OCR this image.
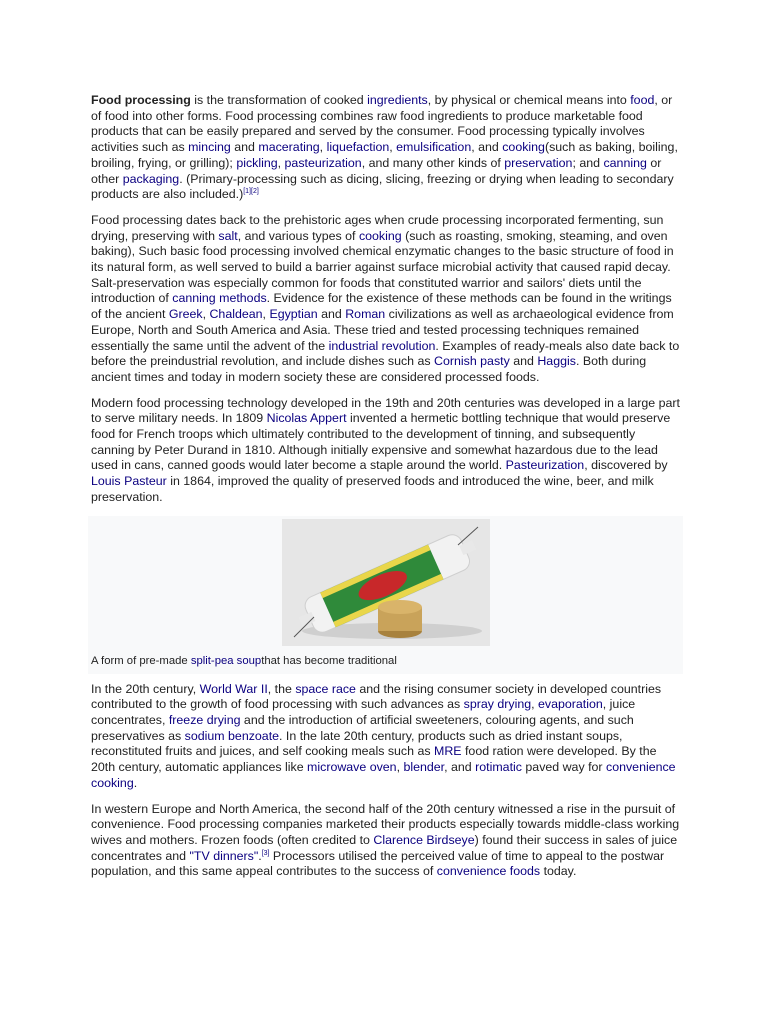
Food processing is the transformation of cooked ingredients, by physical or chemical means into food, or of food into other forms. Food processing combines raw food ingredients to produce marketable food products that can be easily prepared and served by the consumer. Food processing typically involves activities such as mincing and macerating, liquefaction, emulsification, and cooking(such as baking, boiling, broiling, frying, or grilling); pickling, pasteurization, and many other kinds of preservation; and canning or other packaging. (Primary-processing such as dicing, slicing, freezing or drying when leading to secondary products are also included.)[1][2]

Food processing dates back to the prehistoric ages when crude processing incorporated fermenting, sun drying, preserving with salt, and various types of cooking (such as roasting, smoking, steaming, and oven baking), Such basic food processing involved chemical enzymatic changes to the basic structure of food in its natural form, as well served to build a barrier against surface microbial activity that caused rapid decay. Salt-preservation was especially common for foods that constituted warrior and sailors' diets until the introduction of canning methods. Evidence for the existence of these methods can be found in the writings of the ancient Greek, Chaldean, Egyptian and Roman civilizations as well as archaeological evidence from Europe, North and South America and Asia. These tried and tested processing techniques remained essentially the same until the advent of the industrial revolution. Examples of ready-meals also date back to before the preindustrial revolution, and include dishes such as Cornish pasty and Haggis. Both during ancient times and today in modern society these are considered processed foods.

Modern food processing technology developed in the 19th and 20th centuries was developed in a large part to serve military needs. In 1809 Nicolas Appert invented a hermetic bottling technique that would preserve food for French troops which ultimately contributed to the development of tinning, and subsequently canning by Peter Durand in 1810. Although initially expensive and somewhat hazardous due to the lead used in cans, canned goods would later become a staple around the world. Pasteurization, discovered by Louis Pasteur in 1864, improved the quality of preserved foods and introduced the wine, beer, and milk preservation.

A form of pre-made split-pea soupthat has become traditional

In the 20th century, World War II, the space race and the rising consumer society in developed countries contributed to the growth of food processing with such advances as spray drying, evaporation, juice concentrates, freeze drying and the introduction of artificial sweeteners, colouring agents, and such preservatives as sodium benzoate. In the late 20th century, products such as dried instant soups, reconstituted fruits and juices, and self cooking meals such as MRE food ration were developed. By the 20th century, automatic appliances like microwave oven, blender, and rotimatic paved way for convenience cooking.

In western Europe and North America, the second half of the 20th century witnessed a rise in the pursuit of convenience. Food processing companies marketed their products especially towards middle-class working wives and mothers. Frozen foods (often credited to Clarence Birdseye) found their success in sales of juice concentrates and "TV dinners".[3] Processors utilised the perceived value of time to appeal to the postwar population, and this same appeal contributes to the success of convenience foods today.
